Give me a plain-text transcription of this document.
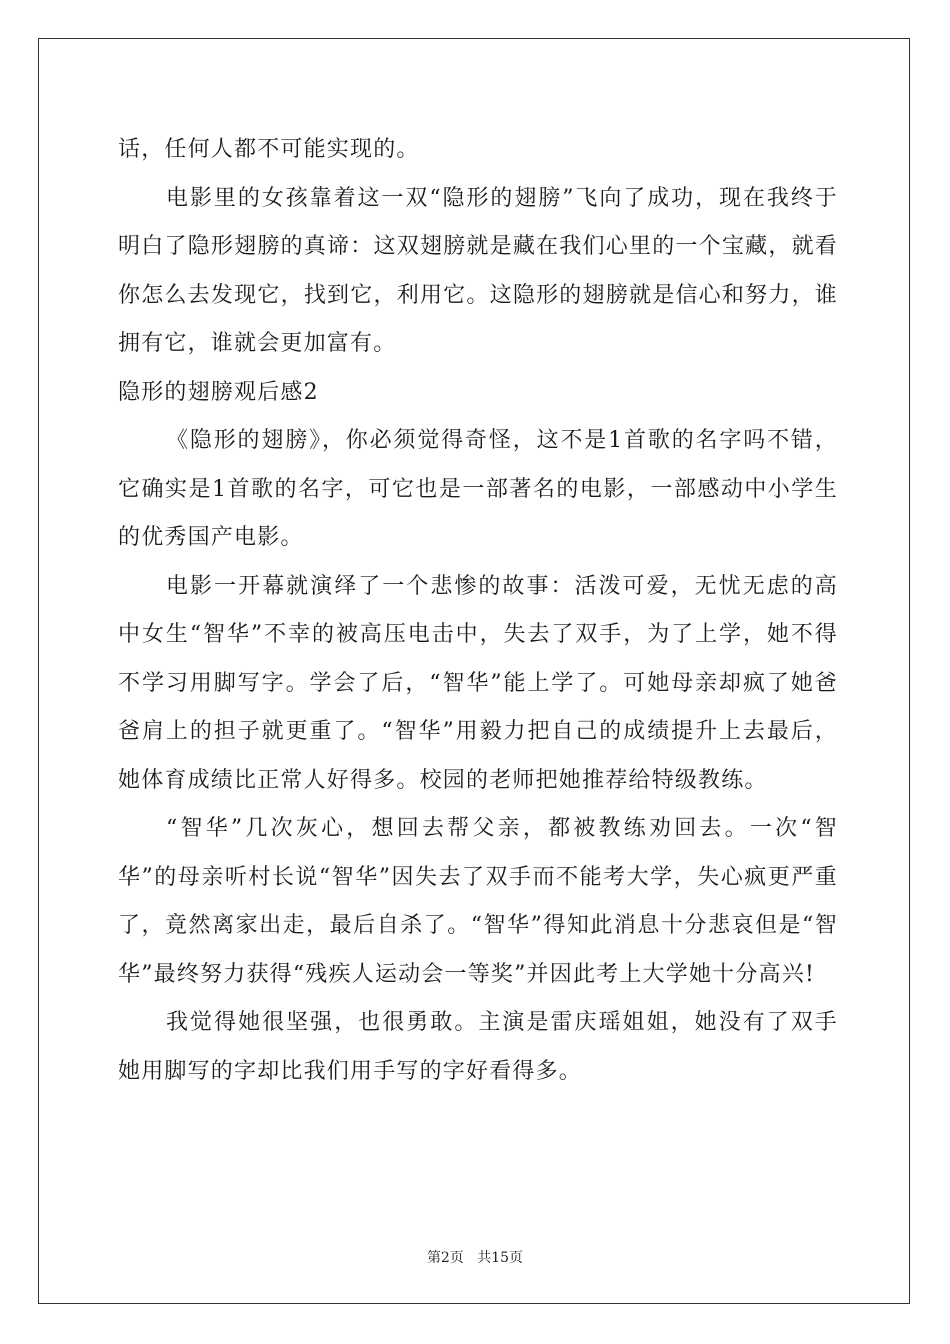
话，任何人都不可能实现的。

电影里的女孩靠着这一双“隐形的翅膀”飞向了成功，现在我终于明白了隐形翅膀的真谛：这双翅膀就是藏在我们心里的一个宝藏，就看你怎么去发现它，找到它，利用它。这隐形的翅膀就是信心和努力，谁拥有它，谁就会更加富有。

隐形的翅膀观后感2

《隐形的翅膀》，你必须觉得奇怪，这不是1首歌的名字吗不错，它确实是1首歌的名字，可它也是一部著名的电影，一部感动中小学生的优秀国产电影。

电影一开幕就演绎了一个悲惨的故事：活泼可爱，无忧无虑的高中女生“智华”不幸的被高压电击中，失去了双手，为了上学，她不得不学习用脚写字。学会了后，“智华”能上学了。可她母亲却疯了她爸爸肩上的担子就更重了。“智华”用毅力把自己的成绩提升上去最后，她体育成绩比正常人好得多。校园的老师把她推荐给特级教练。

“智华”几次灰心，想回去帮父亲，都被教练劝回去。一次“智华”的母亲听村长说“智华”因失去了双手而不能考大学，失心疯更严重了，竟然离家出走，最后自杀了。“智华”得知此消息十分悲哀但是“智华”最终努力获得“残疾人运动会一等奖”并因此考上大学她十分高兴!

我觉得她很坚强，也很勇敢。主演是雷庆瑶姐姐，她没有了双手她用脚写的字却比我们用手写的字好看得多。

第2页 共15页
